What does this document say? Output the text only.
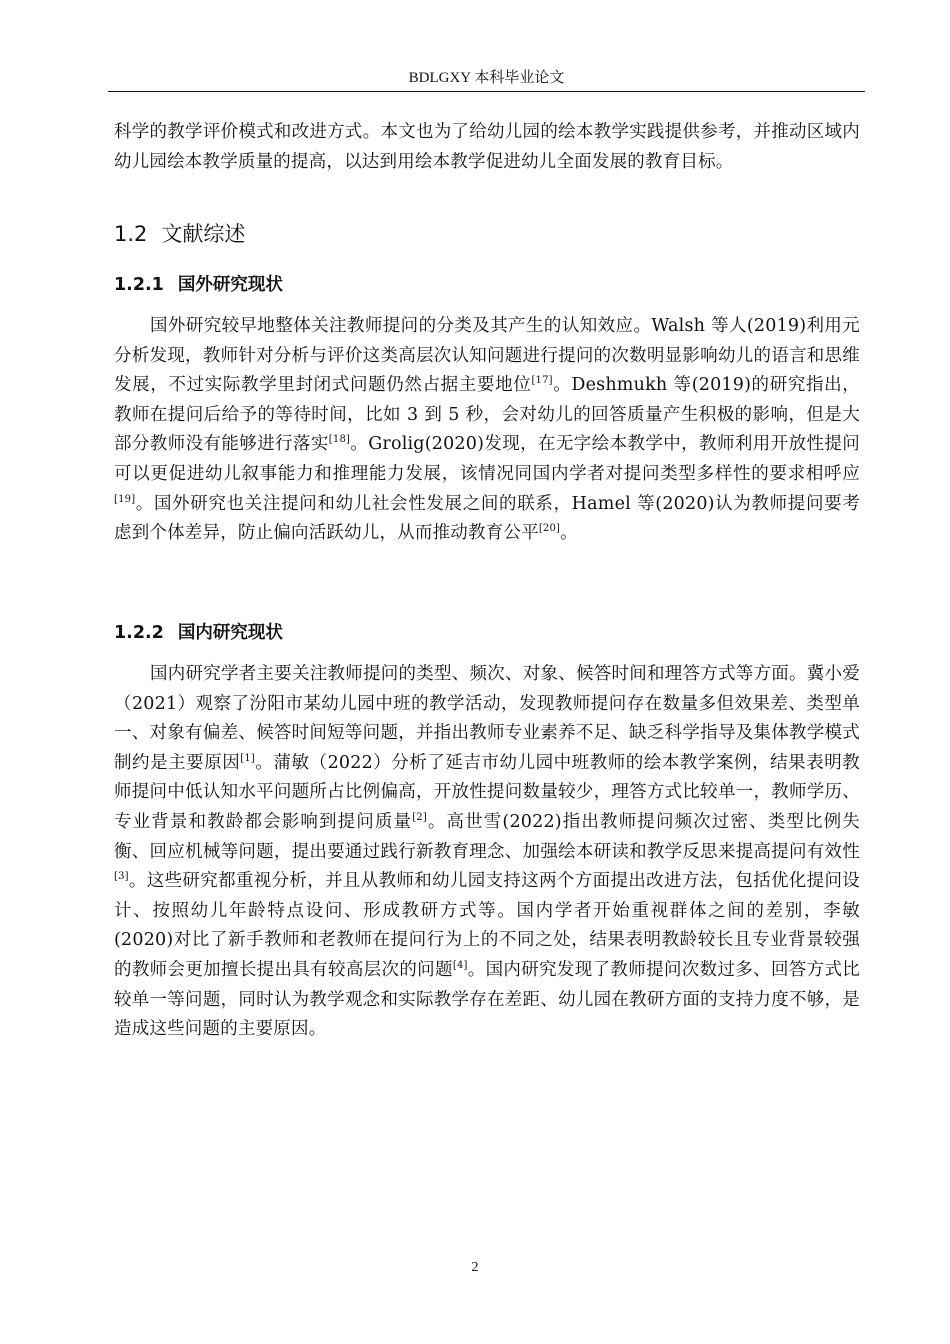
BDLGXY 本科毕业论文

科学的教学评价模式和改进方式。本文也为了给幼儿园的绘本教学实践提供参考，并推动区域内幼儿园绘本教学质量的提高，以达到用绘本教学促进幼儿全面发展的教育目标。

1.2 文献综述
1.2.1 国外研究现状

国外研究较早地整体关注教师提问的分类及其产生的认知效应。Walsh 等人(2019)利用元分析发现，教师针对分析与评价这类高层次认知问题进行提问的次数明显影响幼儿的语言和思维发展，不过实际教学里封闭式问题仍然占据主要地位[17]。Deshmukh 等(2019)的研究指出，教师在提问后给予的等待时间，比如 3 到 5 秒，会对幼儿的回答质量产生积极的影响，但是大部分教师没有能够进行落实[18]。Grolig(2020)发现，在无字绘本教学中，教师利用开放性提问可以更促进幼儿叙事能力和推理能力发展，该情况同国内学者对提问类型多样性的要求相呼应[19]。国外研究也关注提问和幼儿社会性发展之间的联系，Hamel 等(2020)认为教师提问要考虑到个体差异，防止偏向活跃幼儿，从而推动教育公平[20]。

1.2.2 国内研究现状

国内研究学者主要关注教师提问的类型、频次、对象、候答时间和理答方式等方面。冀小爱（2021）观察了汾阳市某幼儿园中班的教学活动，发现教师提问存在数量多但效果差、类型单一、对象有偏差、候答时间短等问题，并指出教师专业素养不足、缺乏科学指导及集体教学模式制约是主要原因[1]。蒲敏（2022）分析了延吉市幼儿园中班教师的绘本教学案例，结果表明教师提问中低认知水平问题所占比例偏高，开放性提问数量较少，理答方式比较单一，教师学历、专业背景和教龄都会影响到提问质量[2]。高世雪(2022)指出教师提问频次过密、类型比例失衡、回应机械等问题，提出要通过践行新教育理念、加强绘本研读和教学反思来提高提问有效性[3]。这些研究都重视分析，并且从教师和幼儿园支持这两个方面提出改进方法，包括优化提问设计、按照幼儿年龄特点设问、形成教研方式等。国内学者开始重视群体之间的差别，李敏(2020)对比了新手教师和老教师在提问行为上的不同之处，结果表明教龄较长且专业背景较强的教师会更加擅长提出具有较高层次的问题[4]。国内研究发现了教师提问次数过多、回答方式比较单一等问题，同时认为教学观念和实际教学存在差距、幼儿园在教研方面的支持力度不够，是造成这些问题的主要原因。

2
